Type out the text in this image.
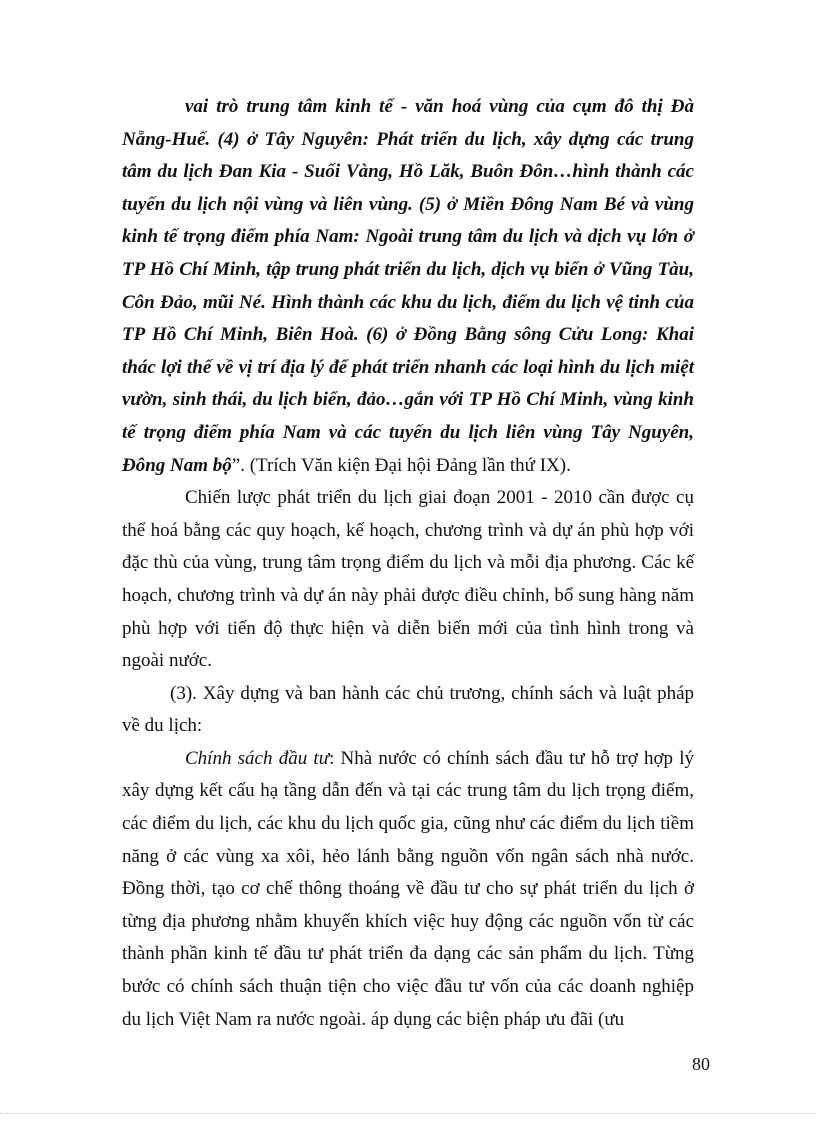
vai trò trung tâm kinh tế - văn hoá vùng của cụm đô thị Đà Nẵng-Huế. (4) ở Tây Nguyên: Phát triển du lịch, xây dựng các trung tâm du lịch Đan Kia - Suối Vàng, Hồ Lăk, Buôn Đôn…hình thành các tuyến du lịch nội vùng và liên vùng. (5) ở Miền Đông Nam Bé và vùng kinh tế trọng điểm phía Nam: Ngoài trung tâm du lịch và dịch vụ lớn ở TP Hồ Chí Minh, tập trung phát triển du lịch, dịch vụ biển ở Vũng Tàu, Côn Đảo, mũi Né. Hình thành các khu du lịch, điểm du lịch vệ tinh của TP Hồ Chí Minh, Biên Hoà. (6) ở Đồng Bằng sông Cửu Long: Khai thác lợi thế về vị trí địa lý để phát triển nhanh các loại hình du lịch miệt vườn, sinh thái, du lịch biển, đảo…gắn với TP Hồ Chí Minh, vùng kinh tế trọng điểm phía Nam và các tuyến du lịch liên vùng Tây Nguyên, Đông Nam bộ”. (Trích Văn kiện Đại hội Đảng lần thứ IX).

Chiến lược phát triển du lịch giai đoạn 2001 - 2010 cần được cụ thể hoá bằng các quy hoạch, kế hoạch, chương trình và dự án phù hợp với đặc thù của vùng, trung tâm trọng điểm du lịch và mỗi địa phương. Các kế hoạch, chương trình và dự án này phải được điều chỉnh, bổ sung hàng năm phù hợp với tiến độ thực hiện và diễn biến mới của tình hình trong và ngoài nước.

(3). Xây dựng và ban hành các chủ trương, chính sách và luật pháp về du lịch:

Chính sách đầu tư: Nhà nước có chính sách đầu tư hỗ trợ hợp lý xây dựng kết cấu hạ tầng dẫn đến và tại các trung tâm du lịch trọng điểm, các điểm du lịch, các khu du lịch quốc gia, cũng như các điểm du lịch tiềm năng ở các vùng xa xôi, hẻo lánh bằng nguồn vốn ngân sách nhà nước. Đồng thời, tạo cơ chế thông thoáng về đầu tư cho sự phát triển du lịch ở từng địa phương nhằm khuyến khích việc huy động các nguồn vốn từ các thành phần kinh tế đầu tư phát triển đa dạng các sản phẩm du lịch. Từng bước có chính sách thuận tiện cho việc đầu tư vốn của các doanh nghiệp du lịch Việt Nam ra nước ngoài. áp dụng các biện pháp ưu đãi (ưu

80
